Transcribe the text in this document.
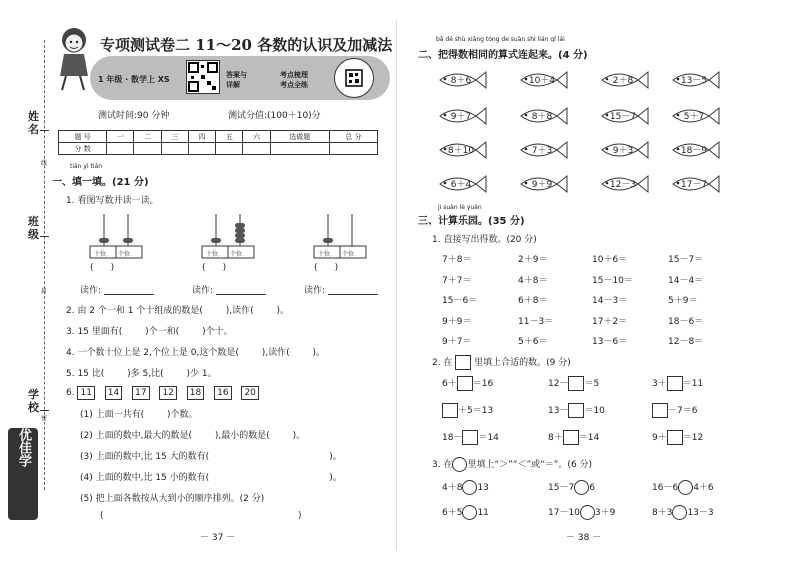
姓名
班级
学校
线
封
密
优佳学
专项测试卷二 11～20 各数的认识及加减法
1 年级 · 数学上 XS	答案与
详解
考点梳理
考点全练
测试时间:90 分钟	测试分值:(100＋10)分
题 号	一	二	三	四	五	六	选做题	总 分
分 数								
tián yì tián
一、填一填。(21 分)
1. 看图写数并读一读。
十位 个位	十位 个位	十位 个位
(      )	(      )	(      )
读作:	读作:	读作:
2. 由 2 个一和 1 个十组成的数是(        ),读作(        )。
3. 15 里面有(        )个一和(        )个十。
4. 一个数十位上是 2,个位上是 0,这个数是(        ),读作(        )。
5. 15 比(        )多 5,比(        )少 1。
6. 11 14 17 12 18 16 20
(1) 上面一共有(        )个数。
(2) 上面的数中,最大的数是(        ),最小的数是(        )。
(3) 上面的数中,比 15 大的数有(                                          )。
(4) 上面的数中,比 15 小的数有(                                          )。
(5) 把上面各数按从大到小的顺序排列。(2 分)
(                                                                    )
－ 37 －
bǎ dé shù xiāng tóng de suàn shì lián qǐ lái
二、把得数相同的算式连起来。(4 分)
8＋6	10＋4	2＋8	13－5
9＋7	8＋8	15－7	5＋7
8＋10	7＋3	9＋3	18－9
6＋4	9＋9	12－3	17－7
jì suàn lè yuán
三、计算乐园。(35 分)
1. 直接写出得数。(20 分)
7＋8＝	2＋9＝	10＋6＝	15－7＝
7＋7＝	4＋8＝	15－10＝	14－4＝
15－6＝	6＋8＝	14－3＝	5＋9＝
9＋9＝	11－3＝	17＋2＝	18－6＝
9＋7＝	5＋6＝	13－6＝	12－8＝
2. 在  里填上合适的数。(9 分)
6＋ ＝16	12－ ＝5	3＋ ＝11
＋5＝13	13－ ＝10	－7＝6
18－ ＝14	8＋ ＝14	9＋ ＝12
3. 在 里填上“＞”“＜”或“＝”。(6 分)
4＋8 13	15－7 6	16－6 4＋6
6＋5 11	17－10 3＋9	8＋3 13－3
－ 38 －
